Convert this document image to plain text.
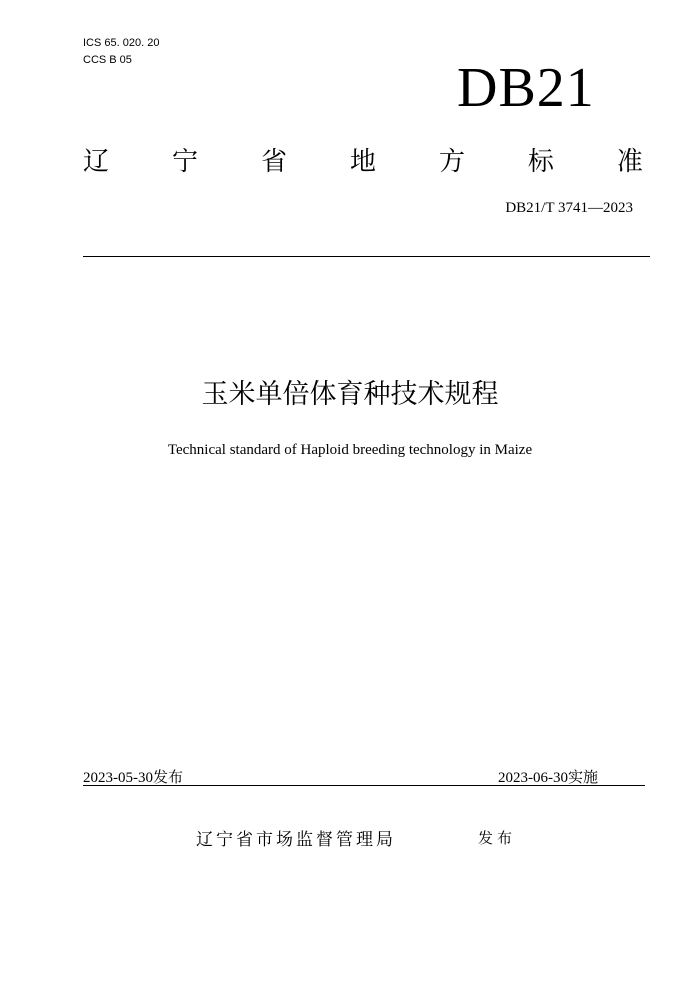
ICS 65. 020. 20
CCS B 05	DB21
辽 宁 省 地 方 标 准
DB21/T 3741—2023
玉米单倍体育种技术规程
Technical standard of Haploid breeding technology in Maize
2023-05-30发布	2023-06-30实施
辽宁省市场监督管理局	发布
